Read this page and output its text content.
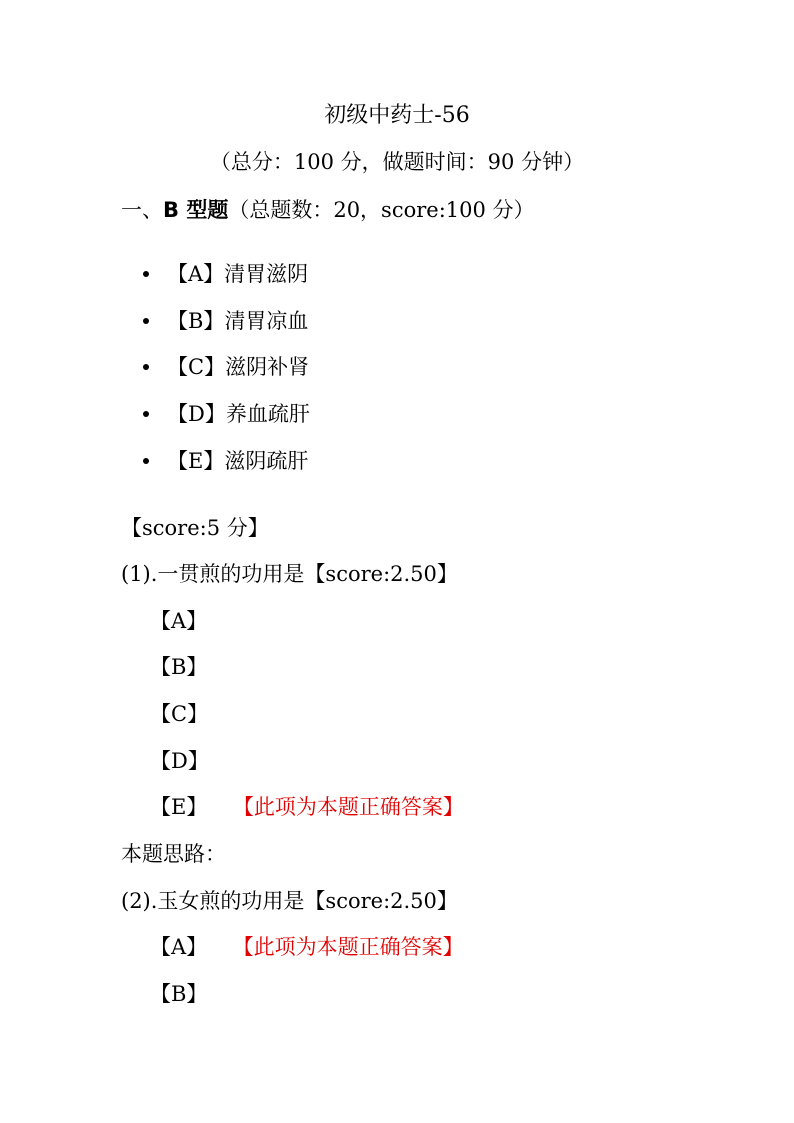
初级中药士-56
（总分：100 分，做题时间：90 分钟）
一、B 型题（总题数：20，score:100 分）
【A】清胃滋阴
【B】清胃凉血
【C】滋阴补肾
【D】养血疏肝
【E】滋阴疏肝
【score:5 分】
(1).一贯煎的功用是【score:2.50】
【A】
【B】
【C】
【D】
【E】 【此项为本题正确答案】
本题思路：
(2).玉女煎的功用是【score:2.50】
【A】 【此项为本题正确答案】
【B】
